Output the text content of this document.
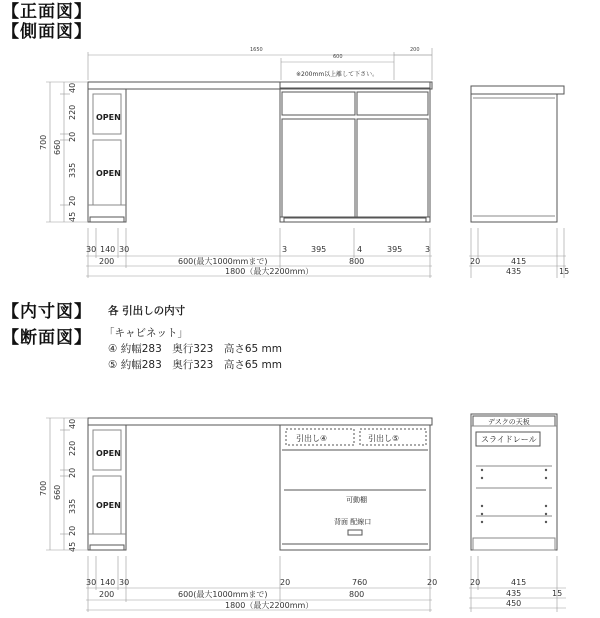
【正面図】
【側面図】
【内寸図】
【断面図】
各 引出しの内寸
「キャビネット」
④ 約幅283　奥行323　高さ65 mm
⑤ 約幅283　奥行323　高さ65 mm
1650
600
200
※200mm以上離して下さい。
OPEN
OPEN
700 660
40
220
20
335
20
45
30 140 30	3	395	4	395	3
200	600(最大1000mmまで)	800
1800（最大2200mm）
20	415
435	15
引出し④	引出し⑤
可動棚
背面 配線口
OPEN
OPEN
700 660
40
220
20
335
20
45
30 140 30	20	760	20
200	600(最大1000mmまで)	800
1800（最大2200mm）
デスクの天板
スライドレール
20	415
435	15
450
